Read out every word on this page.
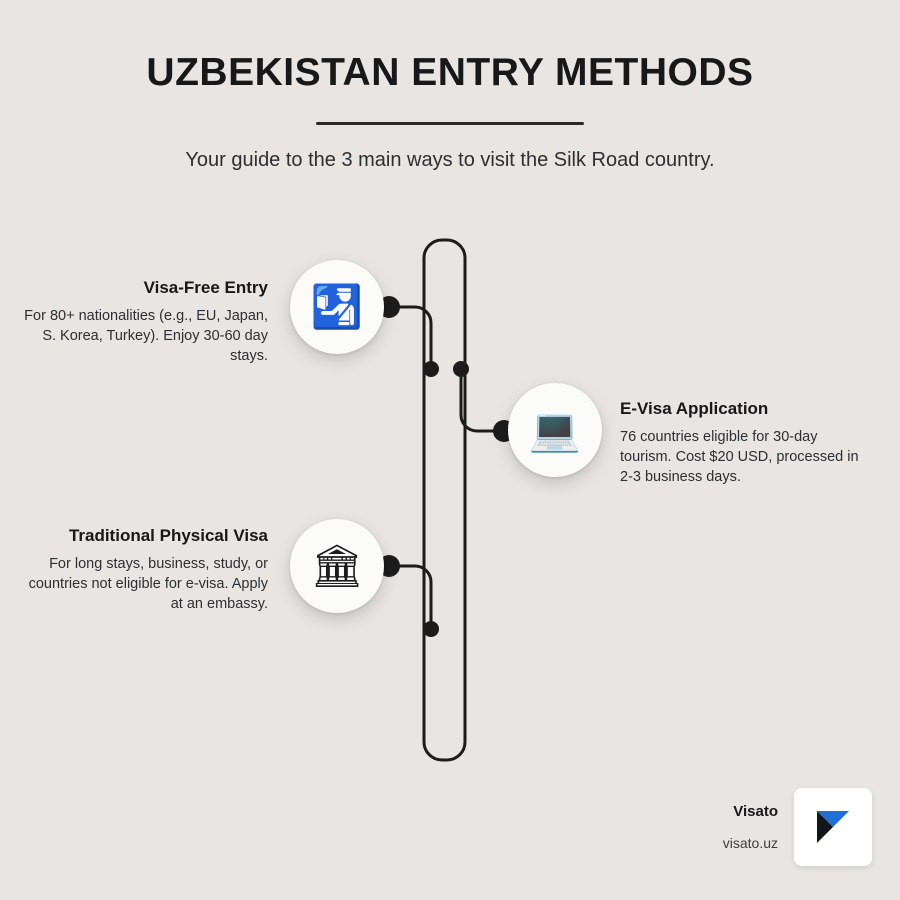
UZBEKISTAN ENTRY METHODS

Your guide to the 3 main ways to visit the Silk Road country.

🛂
Visa-Free Entry

For 80+ nationalities (e.g., EU, Japan, S. Korea, Turkey). Enjoy 30-60 day stays.

💻 E-Visa Application

76 countries eligible for 30-day tourism. Cost $20 USD, processed in 2-3 business days.

🏛
Traditional Physical Visa

For long stays, business, study, or countries not eligible for e-visa. Apply at an embassy.

Visato
visato.uz
